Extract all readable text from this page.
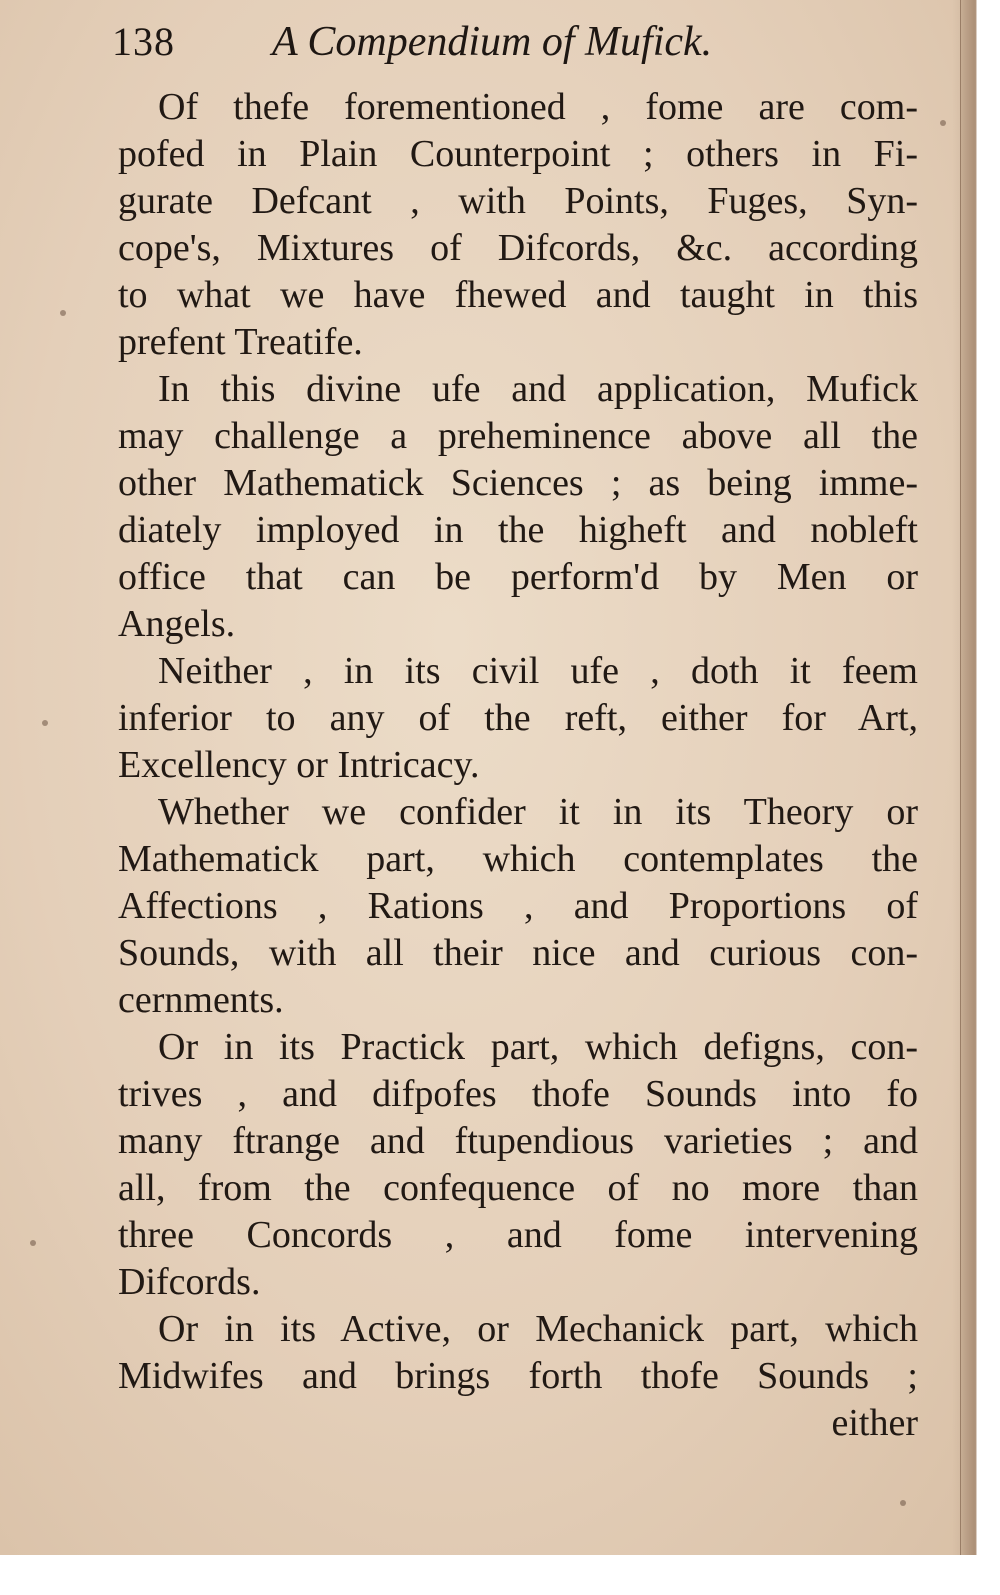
138 A Compendium of Mufick.
Of thefe forementioned , fome are com-
pofed in Plain Counterpoint ; others in Fi-
gurate Defcant , with Points, Fuges, Syn-
cope's, Mixtures of Difcords, &c. according
to what we have fhewed and taught in this
prefent Treatife.
In this divine ufe and application, Mufick
may challenge a preheminence above all the
other Mathematick Sciences ; as being imme-
diately imployed in the higheft and nobleft
office that can be perform'd by Men or
Angels.
Neither , in its civil ufe , doth it feem
inferior to any of the reft, either for Art,
Excellency or Intricacy.
Whether we confider it in its Theory or
Mathematick part, which contemplates the
Affections , Rations , and Proportions of
Sounds, with all their nice and curious con-
cernments.
Or in its Practick part, which defigns, con-
trives , and difpofes thofe Sounds into fo
many ftrange and ftupendious varieties ; and
all, from the confequence of no more than
three Concords , and fome intervening
Difcords.
Or in its Active, or Mechanick part, which
Midwifes and brings forth thofe Sounds ;
either
